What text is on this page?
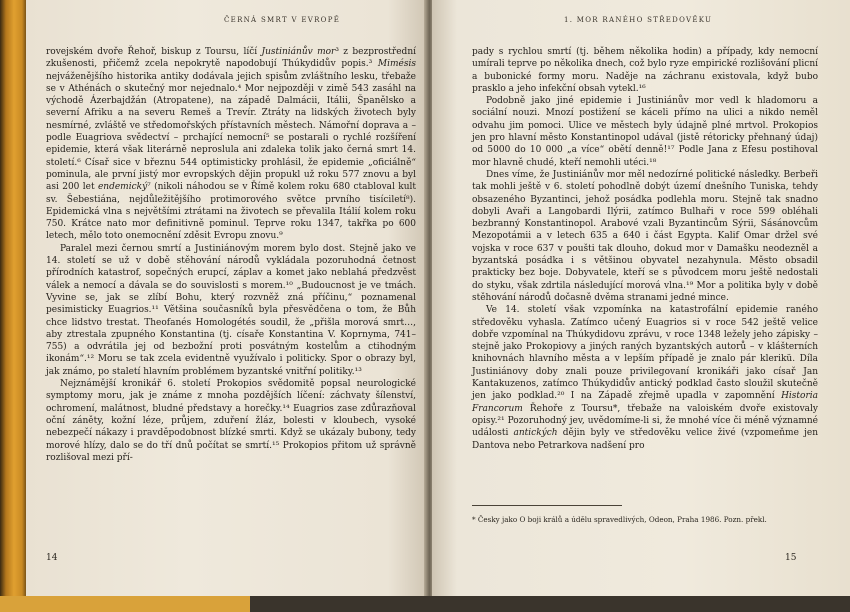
ČERNÁ SMRT V EVROPĚ

rovejském dvoře Řehoř, biskup z Toursu, líčí Justiniánův mor³ z bezprostřední zkušenosti, přičemž zcela nepokrytě napodobují Thúkydidův popis.³ Mimésis nejváženějšího historika antiky dodávala jejich spisům zvláštního lesku, třebaže se v Athénách o skutečný mor nejednalo.⁴ Mor nejpozději v zimě 543 zasáhl na východě Ázerbajdžán (Atropatene), na západě Dalmácii, Itálii, Španělsko a severní Afriku a na severu Remeš a Trevír. Ztráty na lidských životech byly nesmírné, zvláště ve středomořských přístavních městech. Námořní doprava a – podle Euagriova svědectví – prchající nemocní⁵ se postarali o rychlé rozšíření epidemie, která však literárně neproslula ani zdaleka tolik jako černá smrt 14. století.⁶ Císař sice v březnu 544 optimisticky prohlásil, že epidemie „oficiálně“ pominula, ale první jistý mor evropských dějin propukl už roku 577 znovu a byl asi 200 let endemický⁷ (nikoli náhodou se v Římě kolem roku 680 ctabloval kult sv. Šebestiána, nejdůležitějšího protimorového světce prvního tisíciletí⁸). Epidemická vlna s největšími ztrátami na životech se převalila Itálií kolem roku 750. Krátce nato mor definitivně pominul. Teprve roku 1347, takřka po 600 letech, mělo toto onemocnění zděsit Evropu znovu.⁹

Paralel mezi černou smrtí a Justiniánovým morem bylo dost. Stejně jako ve 14. století se už v době stěhování národů vykládala pozoruhodná četnost přírodních katastrof, sopečných erupcí, záplav a komet jako neblahá předzvěst válek a nemocí a dávala se do souvislosti s morem.¹⁰ „Budoucnost je ve tmách. Vyvine se, jak se zlíbí Bohu, který rozvněž zná příčinu,“ poznamenal pesimisticky Euagrios.¹¹ Většina současníků byla přesvědčena o tom, že Bůh chce lidstvo trestat. Theofanés Homologétés soudil, že „přišla morová smrt…, aby ztrestala zpupného Konstantina (tj. císaře Konstantina V. Koprnyma, 741–755) a odvrátila jej od bezbožní proti posvátným kostelům a ctihodným ikonám“.¹² Moru se tak zcela evidentně využívalo i politicky. Spor o obrazy byl, jak známo, po staletí hlavním problémem byzantské vnitřní politiky.¹³

Nejznámější kronikář 6. století Prokopios svědomitě popsal neurologické symptomy moru, jak je známe z mnoha pozdějších líčení: záchvaty šílenství, ochromení, malátnost, bludné představy a horečky.¹⁴ Euagrios zase zdůrazňoval oční záněty, kožní léze, průjem, zduření žláz, bolesti v kloubech, vysoké nebezpečí nákazy i pravděpodobnost blízké smrti. Když se ukázaly bubony, tedy morové hlízy, dalo se do tří dnů počítat se smrtí.¹⁵ Prokopios přitom už správně rozlišoval mezi pří-

14
1. MOR RANÉHO STŘEDOVĚKU

pady s rychlou smrtí (tj. během několika hodin) a případy, kdy nemocní umírali teprve po několika dnech, což bylo ryze empirické rozlišování plicní a bubonické formy moru. Naděje na záchranu existovala, když bubo prasklo a jeho infekční obsah vytekl.¹⁶

Podobně jako jiné epidemie i Justiniánův mor vedl k hladomoru a sociální nouzi. Mnozí postižení se káceli přímo na ulici a nikdo neměl odvahu jim pomoci. Ulice ve městech byly údajně plné mrtvol. Prokopios jen pro hlavní město Konstantinopol udával (jistě rétoricky přehnaný údaj) od 5000 do 10 000 „a více“ obětí denně!¹⁷ Podle Jana z Efesu postihoval mor hlavně chudé, kteří nemohli utéci.¹⁸

Dnes víme, že Justiniánův mor měl nedozírné politické následky. Berbeři tak mohli ještě v 6. století pohodlně dobýt území dnešního Tuniska, tehdy obsazeného Byzantinci, jehož posádka podlehla moru. Stejně tak snadno dobyli Avaři a Langobardi Ilýrii, zatímco Bulhaři v roce 599 obléhali bezbranný Konstantinopol. Arabové vzali Byzantincům Sýrii, Sásánovcům Mezopotámii a v letech 635 a 640 i část Egypta. Kalif Omar držel své vojska v roce 637 v poušti tak dlouho, dokud mor v Damašku neodezněl a byzantská posádka i s většinou obyvatel nezahynula. Město obsadil prakticky bez boje. Dobyvatele, kteří se s původcem moru ještě nedostali do styku, však zdrtila následující morová vlna.¹⁹ Mor a politika byly v době stěhování národů dočasně dvěma stranami jedné mince.

Ve 14. století však vzpomínka na katastrofální epidemie raného středověku vyhasla. Zatímco učený Euagrios si v roce 542 ještě velice dobře vzpomínal na Thúkydidovu zprávu, v roce 1348 ležely jeho zápisky – stejně jako Prokopiovy a jiných raných byzantských autorů – v klášterních knihovnách hlavního města a v lepším případě je znalo pár klerikü. Díla Justiniánovy doby znali pouze privilegovaní kronikáři jako císař Jan Kantakuzenos, zatímco Thúkydidův antický podklad často sloužil skutečně jen jako podklad.²⁰ I na Západě zřejmě upadla v zapomnění Historia Francorum Řehoře z Toursu*, třebaže na valoiském dvoře existovaly opisy.²¹ Pozoruhodný jev, uvědomíme-li si, že mnohé více či méně významné události antických dějin byly ve středověku velice živé (vzpomeňme jen Dantova nebo Petrarkova nadšení pro

* Česky jako O boji králů a údělu spravedlivých, Odeon, Praha 1986. Pozn. překl.
15
